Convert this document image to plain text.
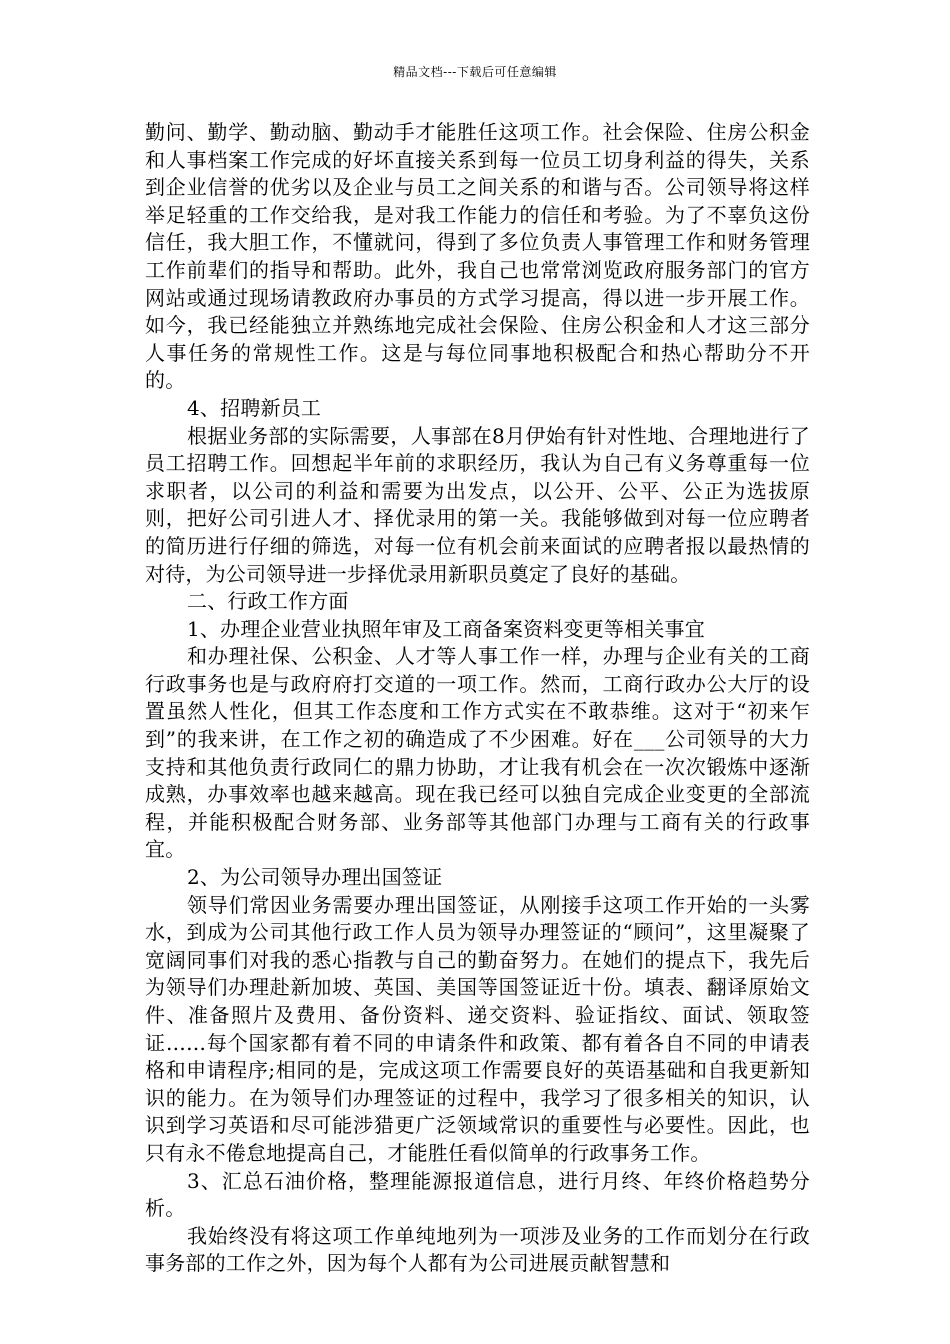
精品文档---下载后可任意编辑

勤问、勤学、勤动脑、勤动手才能胜任这项工作。社会保险、住房公积金和人事档案工作完成的好坏直接关系到每一位员工切身利益的得失，关系到企业信誉的优劣以及企业与员工之间关系的和谐与否。公司领导将这样举足轻重的工作交给我，是对我工作能力的信任和考验。为了不辜负这份信任，我大胆工作，不懂就问，得到了多位负责人事管理工作和财务管理工作前辈们的指导和帮助。此外，我自己也常常浏览政府服务部门的官方网站或通过现场请教政府办事员的方式学习提高，得以进一步开展工作。如今，我已经能独立并熟练地完成社会保险、住房公积金和人才这三部分人事任务的常规性工作。这是与每位同事地积极配合和热心帮助分不开的。

4、招聘新员工

根据业务部的实际需要，人事部在8月伊始有针对性地、合理地进行了员工招聘工作。回想起半年前的求职经历，我认为自己有义务尊重每一位求职者，以公司的利益和需要为出发点，以公开、公平、公正为选拔原则，把好公司引进人才、择优录用的第一关。我能够做到对每一位应聘者的简历进行仔细的筛选，对每一位有机会前来面试的应聘者报以最热情的对待，为公司领导进一步择优录用新职员奠定了良好的基础。

二、行政工作方面

1、办理企业营业执照年审及工商备案资料变更等相关事宜

和办理社保、公积金、人才等人事工作一样，办理与企业有关的工商行政事务也是与政府府打交道的一项工作。然而，工商行政办公大厅的设置虽然人性化，但其工作态度和工作方式实在不敢恭维。这对于“初来乍到”的我来讲，在工作之初的确造成了不少困难。好在___公司领导的大力支持和其他负责行政同仁的鼎力协助，才让我有机会在一次次锻炼中逐渐成熟，办事效率也越来越高。现在我已经可以独自完成企业变更的全部流程，并能积极配合财务部、业务部等其他部门办理与工商有关的行政事宜。

2、为公司领导办理出国签证

领导们常因业务需要办理出国签证，从刚接手这项工作开始的一头雾水，到成为公司其他行政工作人员为领导办理签证的“顾问”，这里凝聚了宽阔同事们对我的悉心指教与自己的勤奋努力。在她们的提点下，我先后为领导们办理赴新加坡、英国、美国等国签证近十份。填表、翻译原始文件、准备照片及费用、备份资料、递交资料、验证指纹、面试、领取签证……每个国家都有着不同的申请条件和政策、都有着各自不同的申请表格和申请程序;相同的是，完成这项工作需要良好的英语基础和自我更新知识的能力。在为领导们办理签证的过程中，我学习了很多相关的知识，认识到学习英语和尽可能涉猎更广泛领域常识的重要性与必要性。因此，也只有永不倦怠地提高自己，才能胜任看似简单的行政事务工作。

3、汇总石油价格，整理能源报道信息，进行月终、年终价格趋势分析。

我始终没有将这项工作单纯地列为一项涉及业务的工作而划分在行政事务部的工作之外，因为每个人都有为公司进展贡献智慧和
